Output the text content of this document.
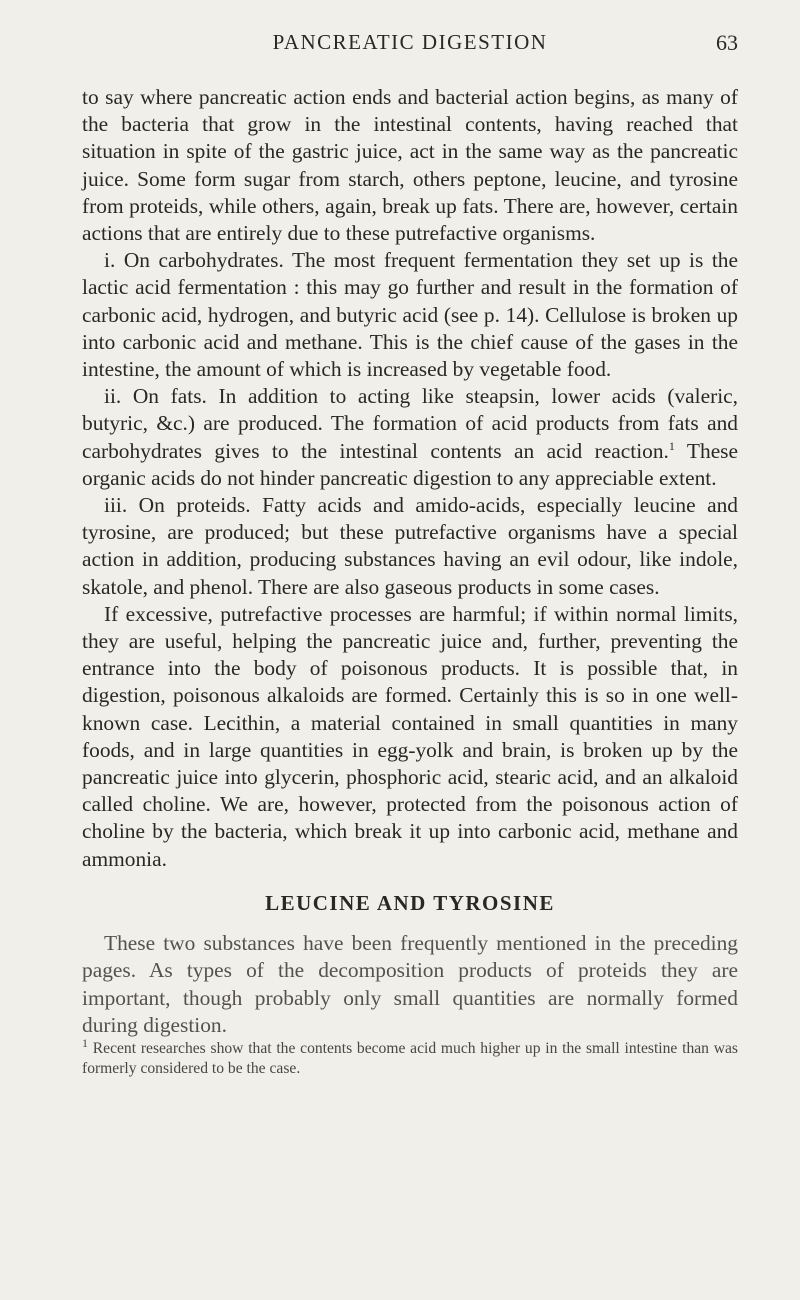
PANCREATIC DIGESTION	63

to say where pancreatic action ends and bacterial action begins, as many of the bacteria that grow in the intestinal contents, having reached that situation in spite of the gastric juice, act in the same way as the pancreatic juice. Some form sugar from starch, others peptone, leucine, and tyrosine from proteids, while others, again, break up fats. There are, however, certain actions that are entirely due to these putrefactive organisms.

i. On carbohydrates. The most frequent fermentation they set up is the lactic acid fermentation : this may go further and result in the formation of carbonic acid, hydrogen, and butyric acid (see p. 14). Cellulose is broken up into carbonic acid and methane. This is the chief cause of the gases in the intestine, the amount of which is increased by vegetable food.

ii. On fats. In addition to acting like steapsin, lower acids (valeric, butyric, &c.) are produced. The formation of acid products from fats and carbohydrates gives to the intestinal contents an acid reaction.$^1$ These organic acids do not hinder pancreatic digestion to any appreciable extent.

iii. On proteids. Fatty acids and amido-acids, especially leucine and tyrosine, are produced; but these putrefactive organisms have a special action in addition, producing substances having an evil odour, like indole, skatole, and phenol. There are also gaseous products in some cases.

If excessive, putrefactive processes are harmful; if within normal limits, they are useful, helping the pancreatic juice and, further, preventing the entrance into the body of poisonous products. It is possible that, in digestion, poisonous alkaloids are formed. Certainly this is so in one well-known case. Lecithin, a material contained in small quantities in many foods, and in large quantities in egg-yolk and brain, is broken up by the pancreatic juice into glycerin, phosphoric acid, stearic acid, and an alkaloid called choline. We are, however, protected from the poisonous action of choline by the bacteria, which break it up into carbonic acid, methane and ammonia.

LEUCINE AND TYROSINE

These two substances have been frequently mentioned in the preceding pages. As types of the decomposition products of proteids they are important, though probably only small quantities are normally formed during digestion.

$^1$ Recent researches show that the contents become acid much higher up in the small intestine than was formerly considered to be the case.
